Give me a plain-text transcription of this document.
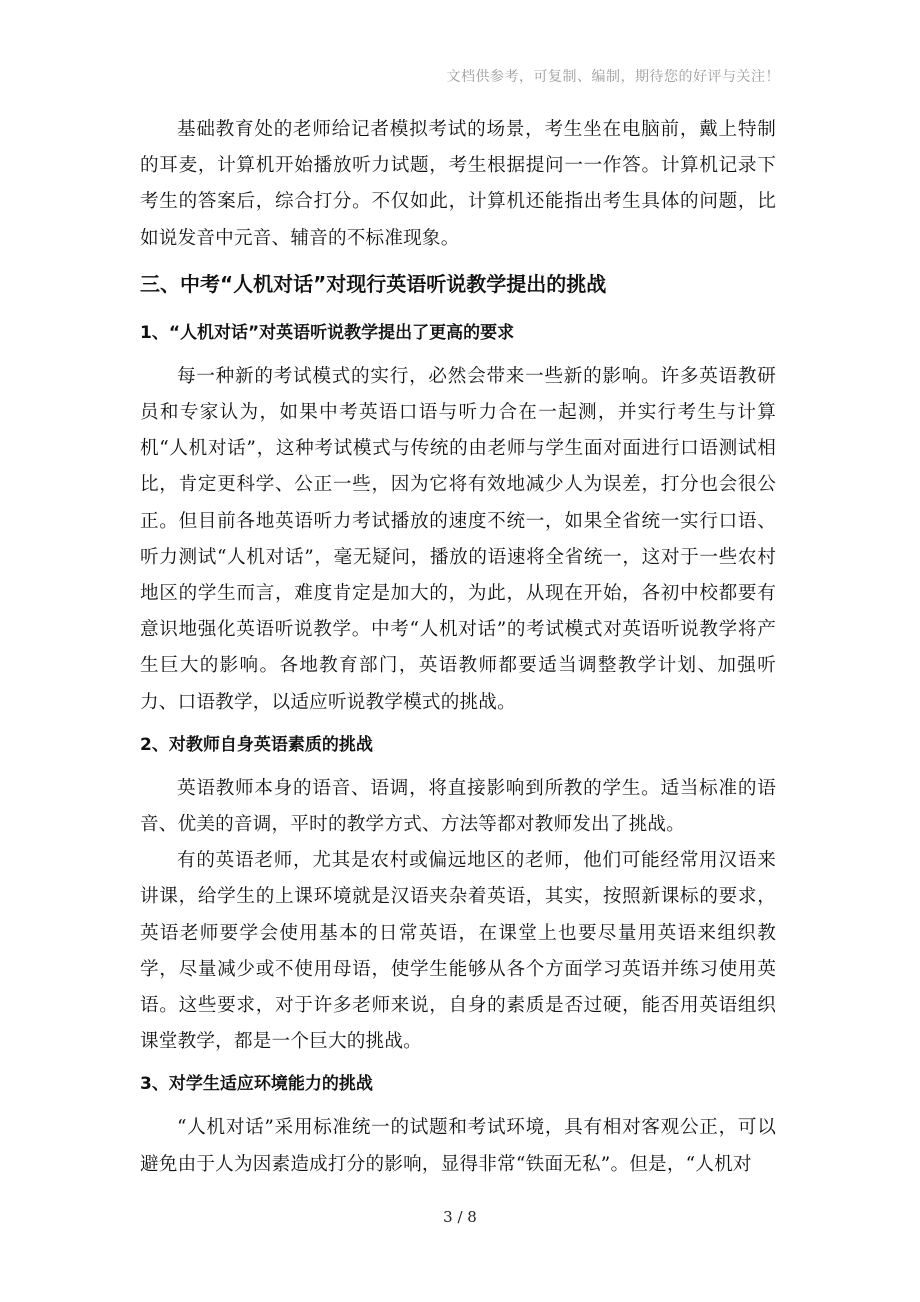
文档供参考，可复制、编制，期待您的好评与关注！

基础教育处的老师给记者模拟考试的场景，考生坐在电脑前，戴上特制的耳麦，计算机开始播放听力试题，考生根据提问一一作答。计算机记录下考生的答案后，综合打分。不仅如此，计算机还能指出考生具体的问题，比如说发音中元音、辅音的不标准现象。

三、中考“人机对话”对现行英语听说教学提出的挑战
1、“人机对话”对英语听说教学提出了更高的要求

每一种新的考试模式的实行，必然会带来一些新的影响。许多英语教研员和专家认为，如果中考英语口语与听力合在一起测，并实行考生与计算机“人机对话”，这种考试模式与传统的由老师与学生面对面进行口语测试相比，肯定更科学、公正一些，因为它将有效地减少人为误差，打分也会很公正。但目前各地英语听力考试播放的速度不统一，如果全省统一实行口语、听力测试“人机对话”，毫无疑问，播放的语速将全省统一，这对于一些农村地区的学生而言，难度肯定是加大的，为此，从现在开始，各初中校都要有意识地强化英语听说教学。中考“人机对话”的考试模式对英语听说教学将产生巨大的影响。各地教育部门，英语教师都要适当调整教学计划、加强听力、口语教学，以适应听说教学模式的挑战。

2、对教师自身英语素质的挑战

英语教师本身的语音、语调，将直接影响到所教的学生。适当标准的语音、优美的音调，平时的教学方式、方法等都对教师发出了挑战。

有的英语老师，尤其是农村或偏远地区的老师，他们可能经常用汉语来讲课，给学生的上课环境就是汉语夹杂着英语，其实，按照新课标的要求，英语老师要学会使用基本的日常英语，在课堂上也要尽量用英语来组织教学，尽量减少或不使用母语，使学生能够从各个方面学习英语并练习使用英语。这些要求，对于许多老师来说，自身的素质是否过硬，能否用英语组织课堂教学，都是一个巨大的挑战。

3、对学生适应环境能力的挑战

“人机对话”采用标准统一的试题和考试环境，具有相对客观公正，可以避免由于人为因素造成打分的影响，显得非常“铁面无私”。但是，“人机对

3 / 8
